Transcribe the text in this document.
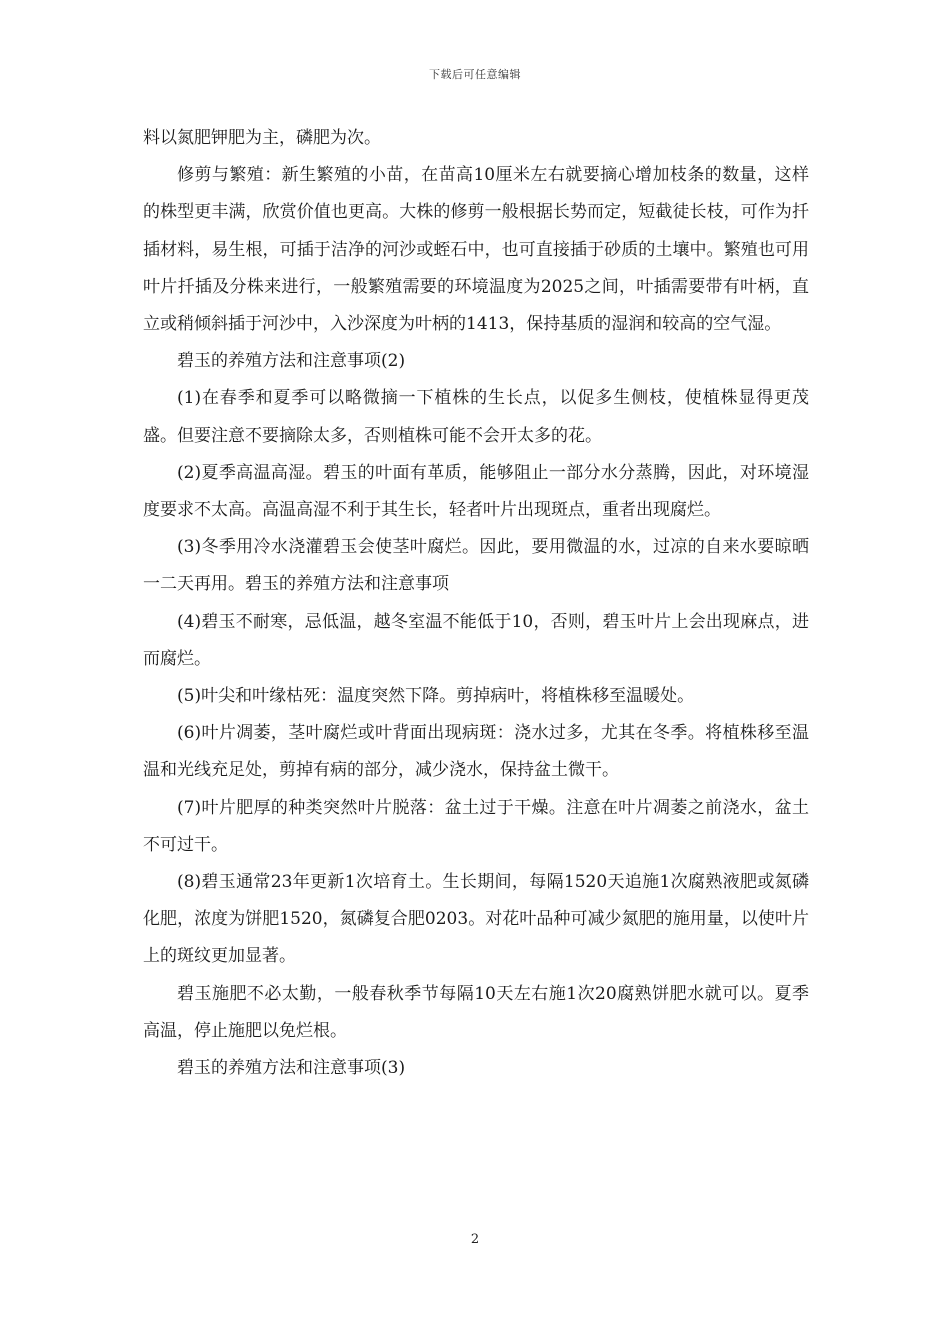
下载后可任意编辑

料以氮肥钾肥为主，磷肥为次。

修剪与繁殖：新生繁殖的小苗，在苗高10厘米左右就要摘心增加枝条的数量，这样的株型更丰满，欣赏价值也更高。大株的修剪一般根据长势而定，短截徒长枝，可作为扦插材料，易生根，可插于洁净的河沙或蛭石中，也可直接插于砂质的土壤中。繁殖也可用叶片扦插及分株来进行，一般繁殖需要的环境温度为2025之间，叶插需要带有叶柄，直立或稍倾斜插于河沙中，入沙深度为叶柄的1413，保持基质的湿润和较高的空气湿。

碧玉的养殖方法和注意事项(2)

(1)在春季和夏季可以略微摘一下植株的生长点，以促多生侧枝，使植株显得更茂盛。但要注意不要摘除太多，否则植株可能不会开太多的花。

(2)夏季高温高湿。碧玉的叶面有革质，能够阻止一部分水分蒸腾，因此，对环境湿度要求不太高。高温高湿不利于其生长，轻者叶片出现斑点，重者出现腐烂。

(3)冬季用冷水浇灌碧玉会使茎叶腐烂。因此，要用微温的水，过凉的自来水要晾晒一二天再用。碧玉的养殖方法和注意事项

(4)碧玉不耐寒，忌低温，越冬室温不能低于10，否则，碧玉叶片上会出现麻点，进而腐烂。

(5)叶尖和叶缘枯死：温度突然下降。剪掉病叶，将植株移至温暖处。

(6)叶片凋萎，茎叶腐烂或叶背面出现病斑：浇水过多，尤其在冬季。将植株移至温温和光线充足处，剪掉有病的部分，减少浇水，保持盆土微干。

(7)叶片肥厚的种类突然叶片脱落：盆土过于干燥。注意在叶片凋萎之前浇水，盆土不可过干。

(8)碧玉通常23年更新1次培育土。生长期间，每隔1520天追施1次腐熟液肥或氮磷化肥，浓度为饼肥1520，氮磷复合肥0203。对花叶品种可减少氮肥的施用量，以使叶片上的斑纹更加显著。

碧玉施肥不必太勤，一般春秋季节每隔10天左右施1次20腐熟饼肥水就可以。夏季高温，停止施肥以免烂根。

碧玉的养殖方法和注意事项(3)

2
